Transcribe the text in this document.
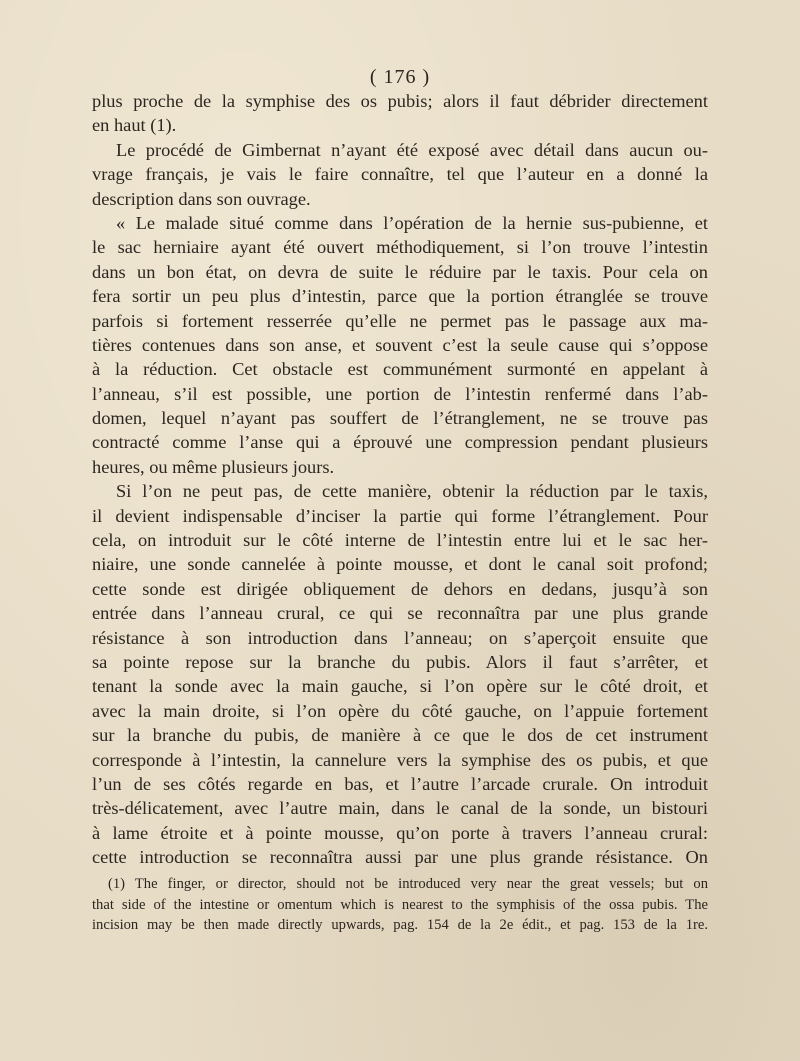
( 176 )
plus proche de la symphise des os pubis; alors il faut débrider directement
en haut (1).
Le procédé de Gimbernat n’ayant été exposé avec détail dans aucun ou-
vrage français, je vais le faire connaître, tel que l’auteur en a donné la
description dans son ouvrage.
« Le malade situé comme dans l’opération de la hernie sus-pubienne, et
le sac herniaire ayant été ouvert méthodiquement, si l’on trouve l’intestin
dans un bon état, on devra de suite le réduire par le taxis. Pour cela on
fera sortir un peu plus d’intestin, parce que la portion étranglée se trouve
parfois si fortement resserrée qu’elle ne permet pas le passage aux ma-
tières contenues dans son anse, et souvent c’est la seule cause qui s’oppose
à la réduction. Cet obstacle est communément surmonté en appelant à
l’anneau, s’il est possible, une portion de l’intestin renfermé dans l’ab-
domen, lequel n’ayant pas souffert de l’étranglement, ne se trouve pas
contracté comme l’anse qui a éprouvé une compression pendant plusieurs
heures, ou même plusieurs jours.
Si l’on ne peut pas, de cette manière, obtenir la réduction par le taxis,
il devient indispensable d’inciser la partie qui forme l’étranglement. Pour
cela, on introduit sur le côté interne de l’intestin entre lui et le sac her-
niaire, une sonde cannelée à pointe mousse, et dont le canal soit profond;
cette sonde est dirigée obliquement de dehors en dedans, jusqu’à son
entrée dans l’anneau crural, ce qui se reconnaîtra par une plus grande
résistance à son introduction dans l’anneau; on s’aperçoit ensuite que
sa pointe repose sur la branche du pubis. Alors il faut s’arrêter, et
tenant la sonde avec la main gauche, si l’on opère sur le côté droit, et
avec la main droite, si l’on opère du côté gauche, on l’appuie fortement
sur la branche du pubis, de manière à ce que le dos de cet instrument
corresponde à l’intestin, la cannelure vers la symphise des os pubis, et que
l’un de ses côtés regarde en bas, et l’autre l’arcade crurale. On introduit
très-délicatement, avec l’autre main, dans le canal de la sonde, un bistouri
à lame étroite et à pointe mousse, qu’on porte à travers l’anneau crural:
cette introduction se reconnaîtra aussi par une plus grande résistance. On
(1) The finger, or director, should not be introduced very near the great vessels; but on
that side of the intestine or omentum which is nearest to the symphisis of the ossa pubis. The
incision may be then made directly upwards, pag. 154 de la 2e édit., et pag. 153 de la 1re.
